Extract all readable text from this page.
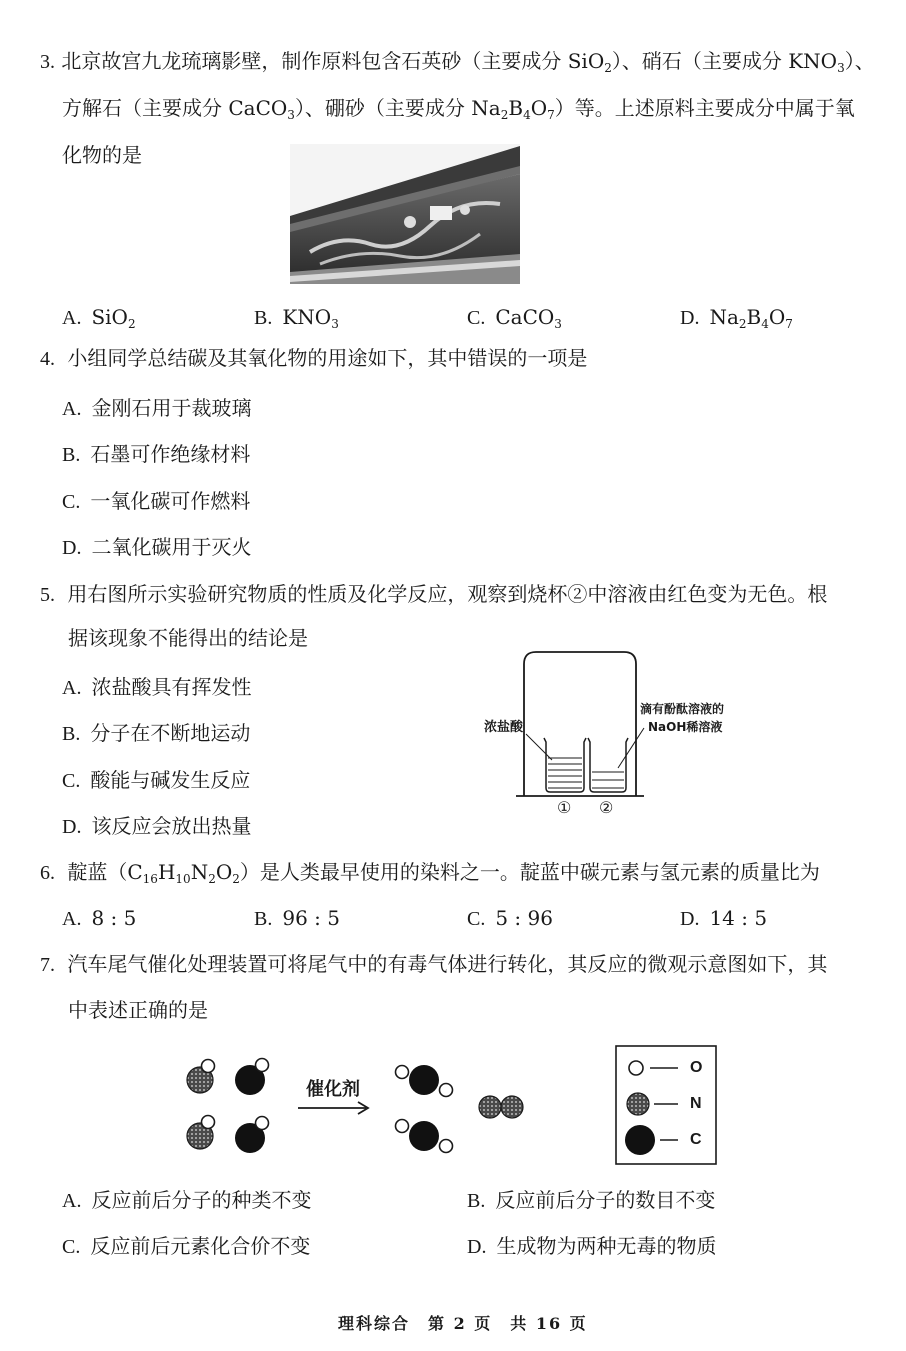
3. 北京故宫九龙琉璃影壁，制作原料包含石英砂（主要成分 SiO$_2$）、硝石（主要成分 $KNO_3$）、
方解石（主要成分 CaCO$_3$）、硼砂（主要成分 $Na_2B_4O_7$）等。上述原料主要成分中属于氧
化物的是
A. SiO$_2$	B. $KNO_3$	C. CaCO$_3$	D. $Na_2B_4O_7$
4. 小组同学总结碳及其氧化物的用途如下，其中错误的一项是
A. 金刚石用于裁玻璃
B. 石墨可作绝缘材料
C. 一氧化碳可作燃料
D. 二氧化碳用于灭火
5. 用右图所示实验研究物质的性质及化学反应，观察到烧杯②中溶液由红色变为无色。根
据该现象不能得出的结论是
A. 浓盐酸具有挥发性
B. 分子在不断地运动
C. 酸能与碱发生反应
D. 该反应会放出热量
浓盐酸
滴有酚酞溶液的
NaOH稀溶液
① ②
6. 靛蓝$(C_{16}H_{10}N_2O_2)$是人类最早使用的染料之一。靛蓝中碳元素与氢元素的质量比为
A. 8 : 5	B. 96 : 5	C. 5 : 96	D. 14 : 5
7. 汽车尾气催化处理装置可将尾气中的有毒气体进行转化，其反应的微观示意图如下，其
中表述正确的是
催化剂
O
N
C
A. 反应前后分子的种类不变	B. 反应前后分子的数目不变
C. 反应前后元素化合价不变	D. 生成物为两种无毒的物质
理科综合　第 2 页　共 16 页
